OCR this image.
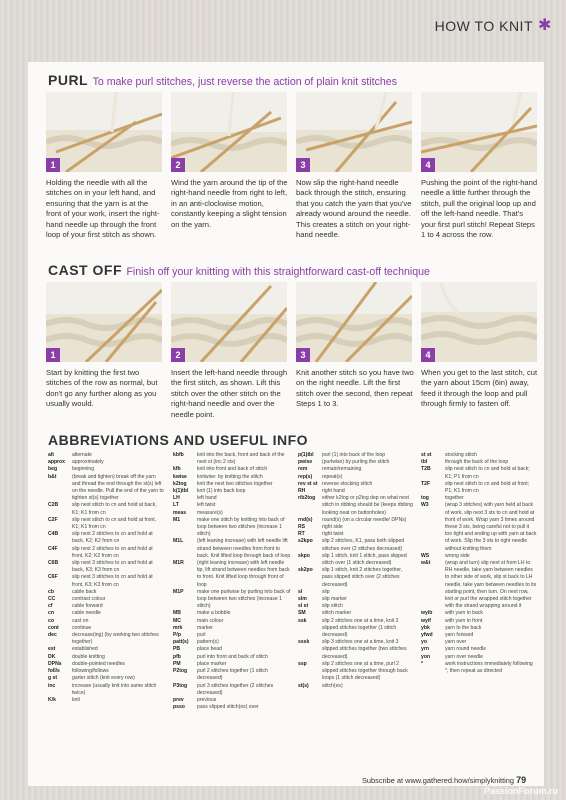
HOW TO KNIT ✱
PURL To make purl stitches, just reverse the action of plain knit stitches
CAST OFF Finish off your knitting with this straightforward cast-off technique
1	2	3	4
Holding the needle with all the stitches on in your left hand, and ensuring that the yarn is at the front of your work, insert the right-hand needle up through the front loop of your first stitch as shown.
Wind the yarn around the tip of the right-hand needle from right to left, in an anti-clockwise motion, constantly keeping a slight tension on the yarn.
Now slip the right-hand needle back through the stitch, ensuring that you catch the yarn that you've already wound around the needle. This creates a stitch on your right-hand needle.
Pushing the point of the right-hand needle a little further through the stitch, pull the original loop up and off the left-hand needle. That's your first purl stitch! Repeat Steps 1 to 4 across the row.
1	2	3	4
Start by knitting the first two stitches of the row as normal, but don't go any further along as you usually would.
Insert the left-hand needle through the first stitch, as shown. Lift this stitch over the other stitch on the right-hand needle and over the needle point.
Knit another stitch so you have two on the right needle. Lift the first stitch over the second, then repeat Steps 1 to 3.
When you get to the last stitch, cut the yarn about 15cm (6in) away, feed it through the loop and pull through firmly to fasten off.
ABBREVIATIONS AND USEFUL INFO
alt	alternate
approx	approximately
beg	beginning
b&t	(break and tighten) break off the yarn and thread the end through the st(s) left on the needle. Pull the end of the yarn to tighten st(s) together
C2B	slip next stitch to cn and hold at back, K1; K1 from cn
C2F	slip next stitch to cn and hold at front, K1; K1 from cn
C4B	slip next 2 stitches to cn and hold at back, K2; K2 from cn
C4F	slip next 2 stitches to cn and hold at front, K2; K2 from cn
C6B	slip next 3 stitches to cn and hold at back, K3; K3 from cn
C6F	slip next 3 stitches to cn and hold at front, K3; K3 from cn
cb	cable back
CC	contrast colour
cf	cable forward
cn	cable needle
co	cast on
cont	continue
dec	decrease(ing) (by working two stitches together)
est	established
DK	double knitting
DPNs	double-pointed needles
foll/s	following/follows
g st	garter stitch (knit every row)
inc	increase (usually knit into same stitch twice)
K/k	knit
kbfb	knit into the back, front and back of the next st (inc 2 sts)
kfb	knit into front and back of stitch
kwise	knitwise: by knitting the stitch
k2tog	knit the next two stitches together
k(1)tbl	knit (1) into back loop
LH	left hand
LT	left twist
meas	measure(s)
M1	make one stitch by knitting into back of loop between two stitches (increase 1 stitch)
M1L	(left leaning increase) with left needle lift strand between needles from front to back. Knit lifted loop through back of loop
M1R	(right leaning increase) with left needle tip, lift strand between needles from back to front. Knit lifted loop through front of loop
M1P	make one purlwise by purling into back of loop between two stitches (increase 1 stitch)
MB	make a bobble
MC	main colour
mrk	marker
P/p	purl
patt(s)	pattern(s)
PB	place bead
pfb	purl into front and back of stitch
PM	place marker
P2tog	purl 2 stitches together (1 stitch decreased)
P3tog	purl 3 stitches together (2 stitches decreased)
prev	previous
psso	pass slipped stitch(es) over
p(1)tbl	purl (1) into back of the loop
pwise	(purlwise) by purling the stitch
rem	remain/remaining
rep(s)	repeat(s)
rev st st reverse stocking stitch
RH	right hand
rib2tog	either k2tog or p2tog dep on what next stitch in ribbing should be (keeps ribbing looking neat on buttonholes)
rnd(s)	round(s) (on a circular needle/ DPNs)
RS	right side
RT	right twist
s2kpo	slip 2 stitches, K1, pass both slipped stitches over (2 stitches decreased)
skpo	slip 1 stitch, knit 1 stitch, pass slipped stitch over (1 stitch decreased)
sk2po	slip 1 stitch, knit 2 stitches together, pass slipped stitch over (2 stitches decreased)
sl	slip
slm	slip marker
sl st	slip stitch
SM	stitch marker
ssk	slip 2 stitches one at a time, knit 2 slipped stitches together (1 stitch decreased)
sssk	slip 3 stitches one at a time, knit 3 slipped stitches together (two stitches decreased)
ssp	slip 2 stitches one at a time, purl 2 slipped stitches together through back loops (1 stitch decreased)
st(s)	stitch(es)
st st	stocking stitch
tbl	through the back of the loop
T2B	slip next stitch to cn and hold at back; K1; P1 from cn
T2F	slip next stitch to cn and hold at front; P1; K1 from cn
tog	together
W3	(wrap 3 stitches) with yarn held at back of work, slip next 3 sts to cn and hold at front of work. Wrap yarn 3 times around these 3 sts, being careful not to pull it too tight and ending up with yarn at back of work. Slip the 3 sts to right needle without knitting them
WS	wrong side
w&t	(wrap and turn) slip next st from LH to RH needle, take yarn between needles to other side of work, slip st back to LH needle, take yarn between needles to its starting point, then turn. On next row, knit or purl the wrapped stitch together with the strand wrapping around it
wyib	with yarn in back
wyif	with yarn in front
ybk	yarn to the back
yfwd	yarn forward
yo	yarn over
yrn	yarn round needle
yon	yarn over needle
*	work instructions immediately following *, then repeat as directed
Subscribe at www.gathered.how/simplyknitting 79
PassionForum.ru
